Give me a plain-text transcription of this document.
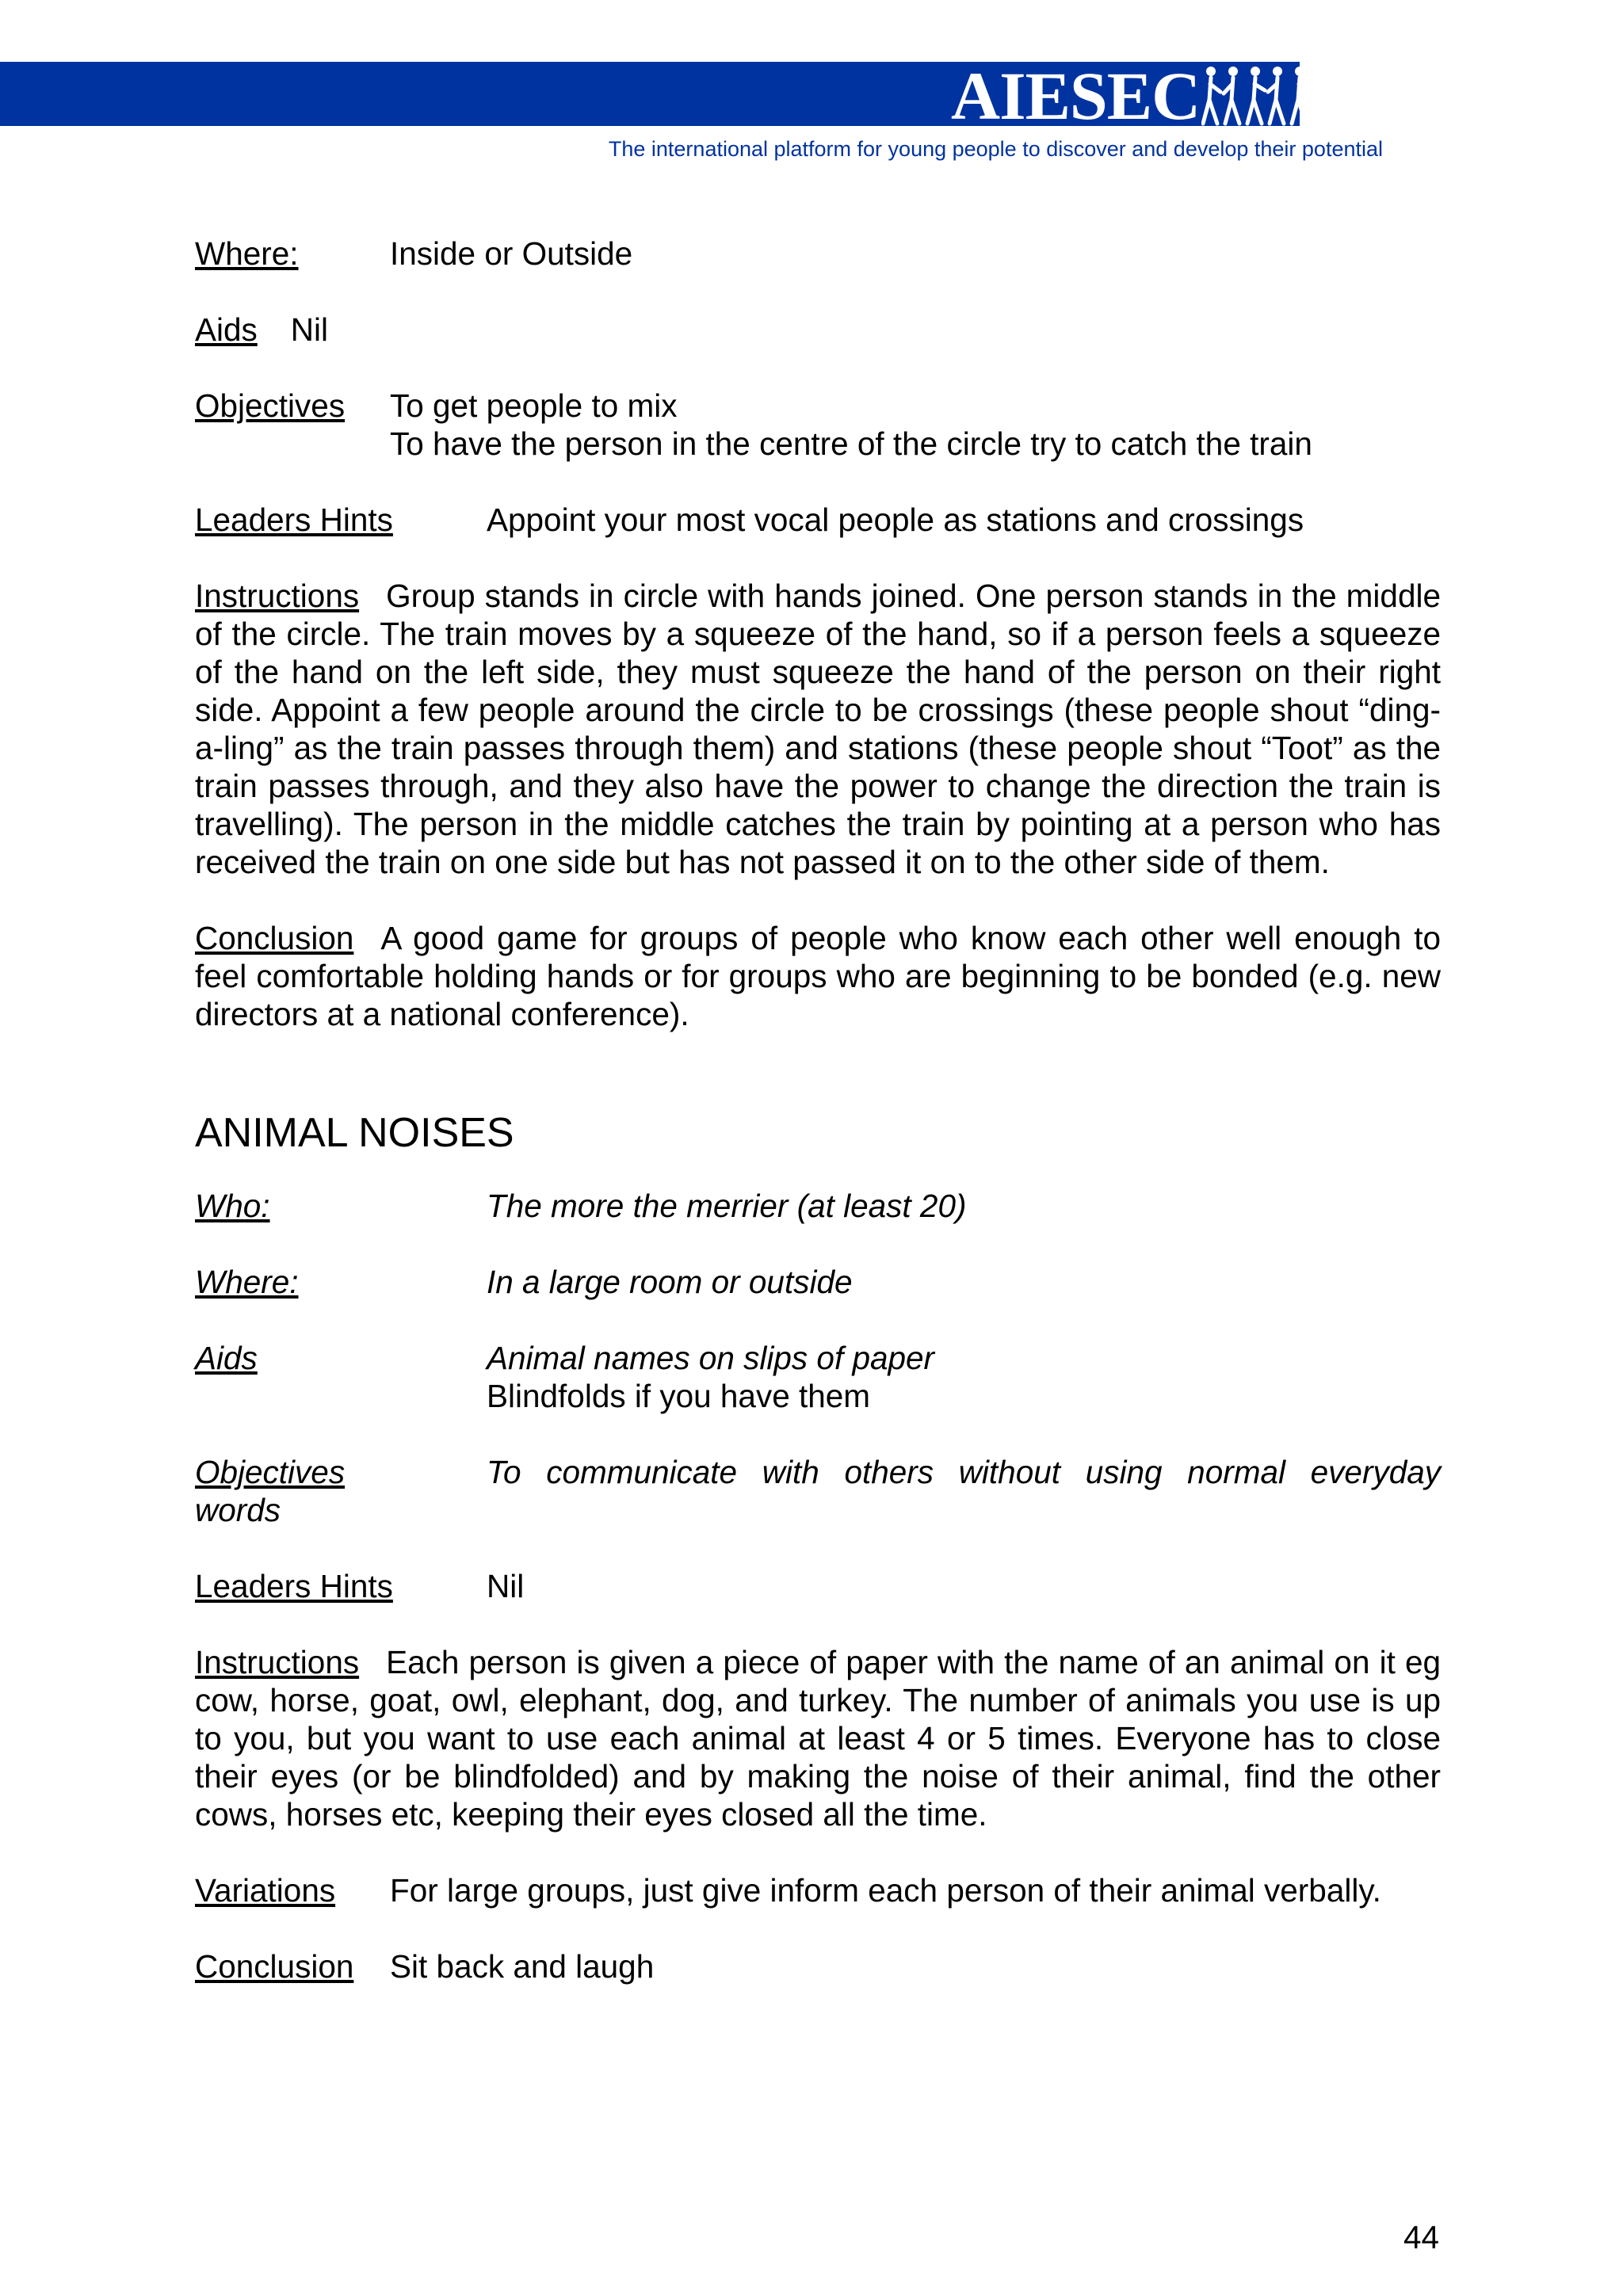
AIESEC
The international platform for young people to discover and develop their potential
Where:	Inside or Outside
Aids Nil
Objectives	To get people to mix
To have the person in the centre of the circle try to catch the train
Leaders Hints	Appoint your most vocal people as stations and crossings
Instructions Group stands in circle with hands joined. One person stands in the middle of the circle. The train moves by a squeeze of the hand, so if a person feels a squeeze of the hand on the left side, they must squeeze the hand of the person on their right side. Appoint a few people around the circle to be crossings (these people shout “ding-a-ling” as the train passes through them) and stations (these people shout “Toot” as the train passes through, and they also have the power to change the direction the train is travelling). The person in the middle catches the train by pointing at a person who has received the train on one side but has not passed it on to the other side of them.
Conclusion A good game for groups of people who know each other well enough to feel comfortable holding hands or for groups who are beginning to be bonded (e.g. new directors at a national conference).
ANIMAL NOISES
Who:	The more the merrier (at least 20)
Where:	In a large room or outside
Aids	Animal names on slips of paper
Blindfolds if you have them
Objectives	To communicate with others without using normal everyday
words
Leaders Hints	Nil
Instructions Each person is given a piece of paper with the name of an animal on it eg cow, horse, goat, owl, elephant, dog, and turkey. The number of animals you use is up to you, but you want to use each animal at least 4 or 5 times. Everyone has to close their eyes (or be blindfolded) and by making the noise of their animal, find the other cows, horses etc, keeping their eyes closed all the time.
Variations	For large groups, just give inform each person of their animal verbally.
Conclusion	Sit back and laugh
44
